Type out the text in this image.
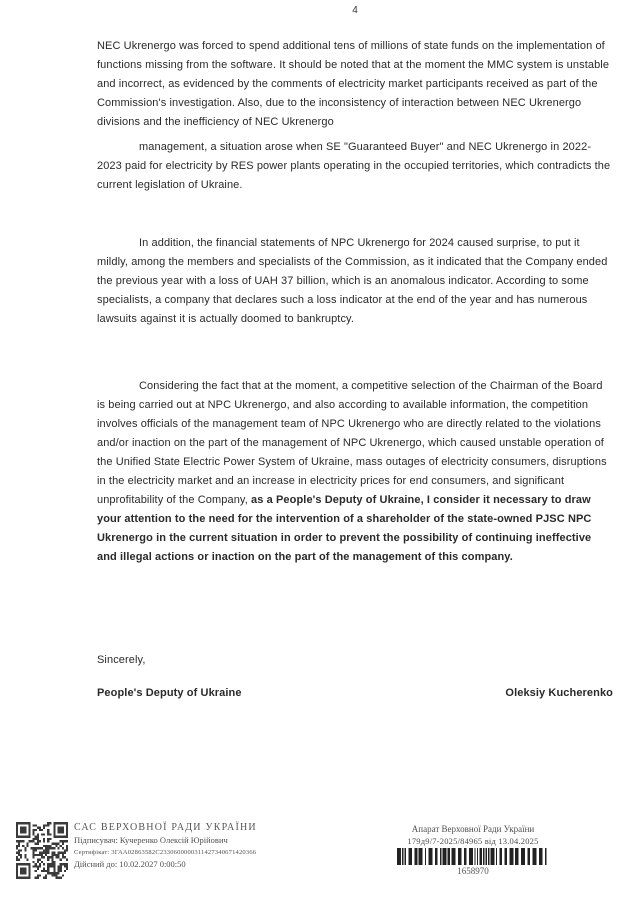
4

NEC Ukrenergo was forced to spend additional tens of millions of state funds on the implementation of functions missing from the software. It should be noted that at the moment the MMC system is unstable and incorrect, as evidenced by the comments of electricity market participants received as part of the Commission's investigation. Also, due to the inconsistency of interaction between NEC Ukrenergo divisions and the inefficiency of NEC Ukrenergo

management, a situation arose when SE "Guaranteed Buyer" and NEC Ukrenergo in 2022-2023 paid for electricity by RES power plants operating in the occupied territories, which contradicts the current legislation of Ukraine.

In addition, the financial statements of NPC Ukrenergo for 2024 caused surprise, to put it mildly, among the members and specialists of the Commission, as it indicated that the Company ended the previous year with a loss of UAH 37 billion, which is an anomalous indicator. According to some specialists, a company that declares such a loss indicator at the end of the year and has numerous lawsuits against it is actually doomed to bankruptcy.

Considering the fact that at the moment, a competitive selection of the Chairman of the Board is being carried out at NPC Ukrenergo, and also according to available information, the competition involves officials of the management team of NPC Ukrenergo who are directly related to the violations and/or inaction on the part of the management of NPC Ukrenergo, which caused unstable operation of the Unified State Electric Power System of Ukraine, mass outages of electricity consumers, disruptions in the electricity market and an increase in electricity prices for end consumers, and significant unprofitability of the Company, as a People's Deputy of Ukraine, I consider it necessary to draw your attention to the need for the intervention of a shareholder of the state-owned PJSC NPC Ukrenergo in the current situation in order to prevent the possibility of continuing ineffective and illegal actions or inaction on the part of the management of this company.

Sincerely,

People's Deputy of Ukraine	Oleksiy Kucherenko
САС ВЕРХОВНОЇ РАДИ УКРАЇНИ
Підписувач: Кучеренко Олексій Юрійович
Сертифікат: 3ГАА02863582С2330600000311427340671420366
Дійсний до: 10.02.2027 0:00:50
Апарат Верховної Ради України
179д9/7-2025/84965 від 13.04.2025
1658970
